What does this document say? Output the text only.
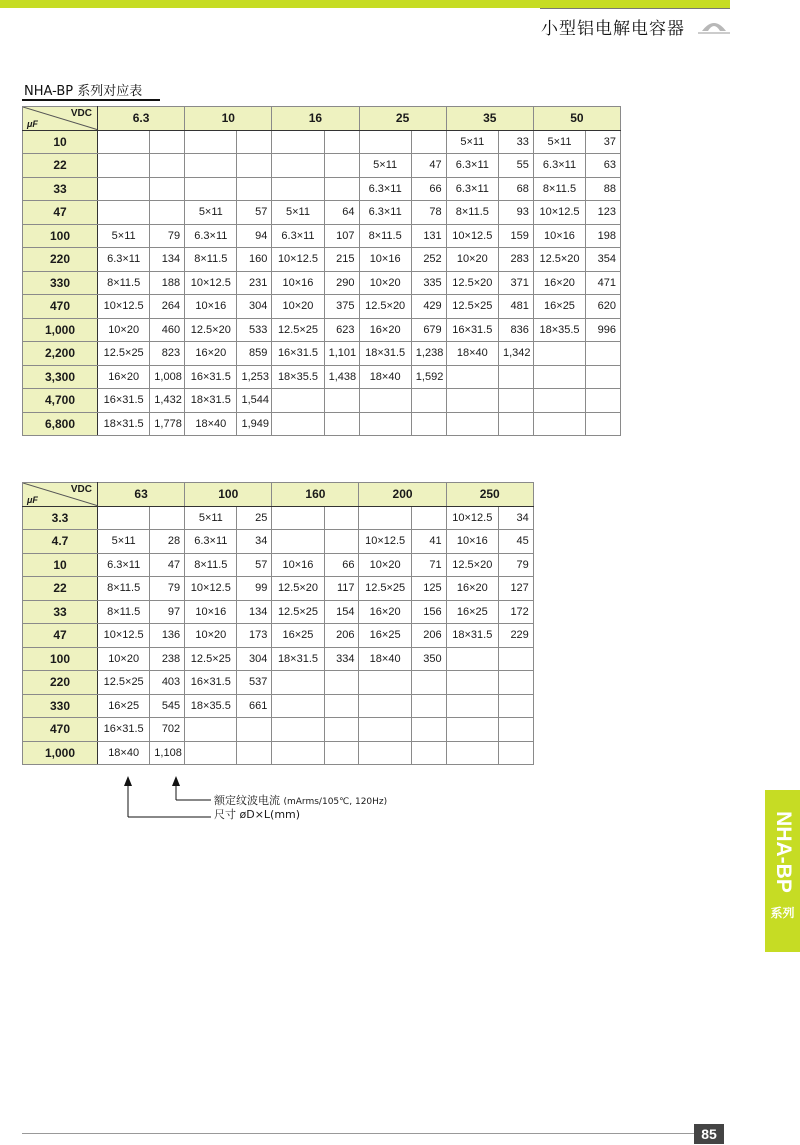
小型铝电解电容器
NHA-BP 系列对应表
μF
VDC	6.3		10		16		25		35		50	
10									5×11	33	5×11	37
22							5×11	47	6.3×11	55	6.3×11	63
33							6.3×11	66	6.3×11	68	8×11.5	88
47			5×11	57	5×11	64	6.3×11	78	8×11.5	93	10×12.5	123
100	5×11	79	6.3×11	94	6.3×11	107	8×11.5	131	10×12.5	159	10×16	198
220	6.3×11	134	8×11.5	160	10×12.5	215	10×16	252	10×20	283	12.5×20	354
330	8×11.5	188	10×12.5	231	10×16	290	10×20	335	12.5×20	371	16×20	471
470	10×12.5	264	10×16	304	10×20	375	12.5×20	429	12.5×25	481	16×25	620
1,000	10×20	460	12.5×20	533	12.5×25	623	16×20	679	16×31.5	836	18×35.5	996
2,200	12.5×25	823	16×20	859	16×31.5	1,101	18×31.5	1,238	18×40	1,342		
3,300	16×20	1,008	16×31.5	1,253	18×35.5	1,438	18×40	1,592				
4,700	16×31.5	1,432	18×31.5	1,544								
6,800	18×31.5	1,778	18×40	1,949								
μF
VDC	63		100		160		200		250	
3.3			5×11	25					10×12.5	34
4.7	5×11	28	6.3×11	34			10×12.5	41	10×16	45
10	6.3×11	47	8×11.5	57	10×16	66	10×20	71	12.5×20	79
22	8×11.5	79	10×12.5	99	12.5×20	117	12.5×25	125	16×20	127
33	8×11.5	97	10×16	134	12.5×25	154	16×20	156	16×25	172
47	10×12.5	136	10×20	173	16×25	206	16×25	206	18×31.5	229
100	10×20	238	12.5×25	304	18×31.5	334	18×40	350		
220	12.5×25	403	16×31.5	537						
330	16×25	545	18×35.5	661						
470	16×31.5	702								
1,000	18×40	1,108								
额定纹波电流 (mArms/105℃, 120Hz)
尺寸 øD×L(mm)	NHA-BP
系列
85
